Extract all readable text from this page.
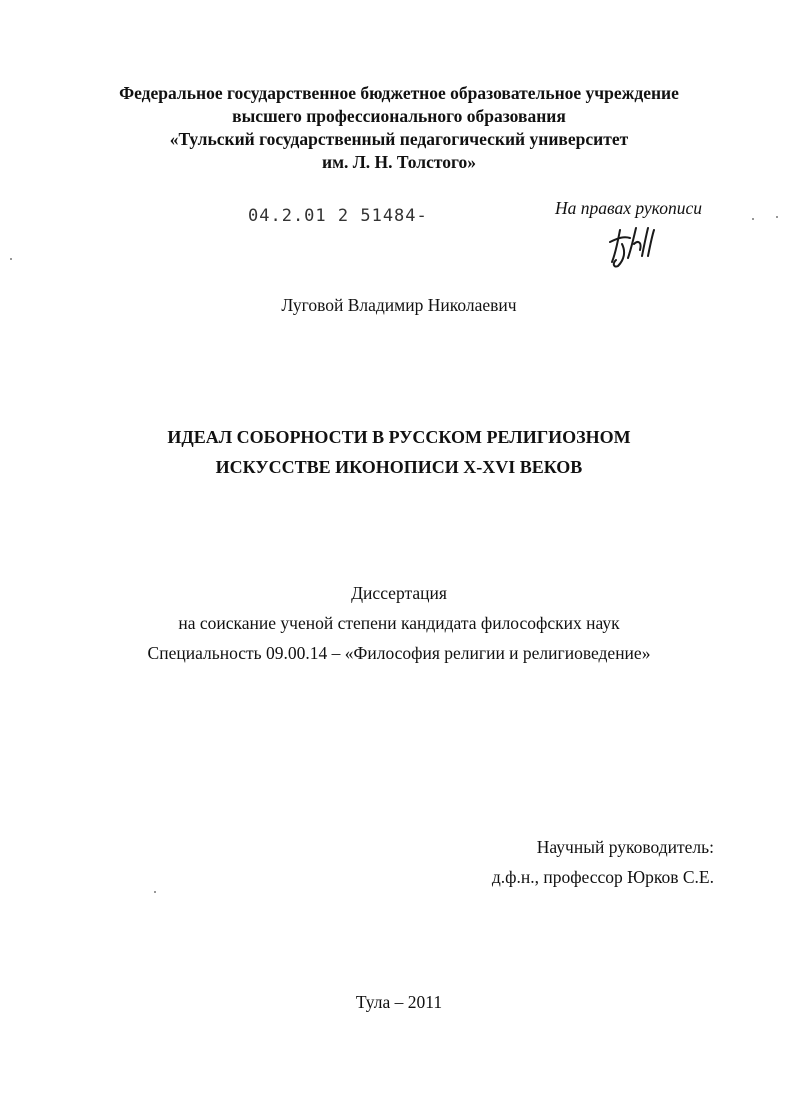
Федеральное государственное бюджетное образовательное учреждение
высшего профессионального образования
«Тульский государственный педагогический университет
им. Л. Н. Толстого»
04.2.01 2 51484-	На правах рукописи
Луговой Владимир Николаевич
ИДЕАЛ СОБОРНОСТИ В РУССКОМ РЕЛИГИОЗНОМ
ИСКУССТВЕ ИКОНОПИСИ X-XVI ВЕКОВ
Диссертация
на соискание ученой степени кандидата философских наук
Специальность 09.00.14 – «Философия религии и религиоведение»
Научный руководитель:
д.ф.н., профессор Юрков С.Е.
Тула – 2011
